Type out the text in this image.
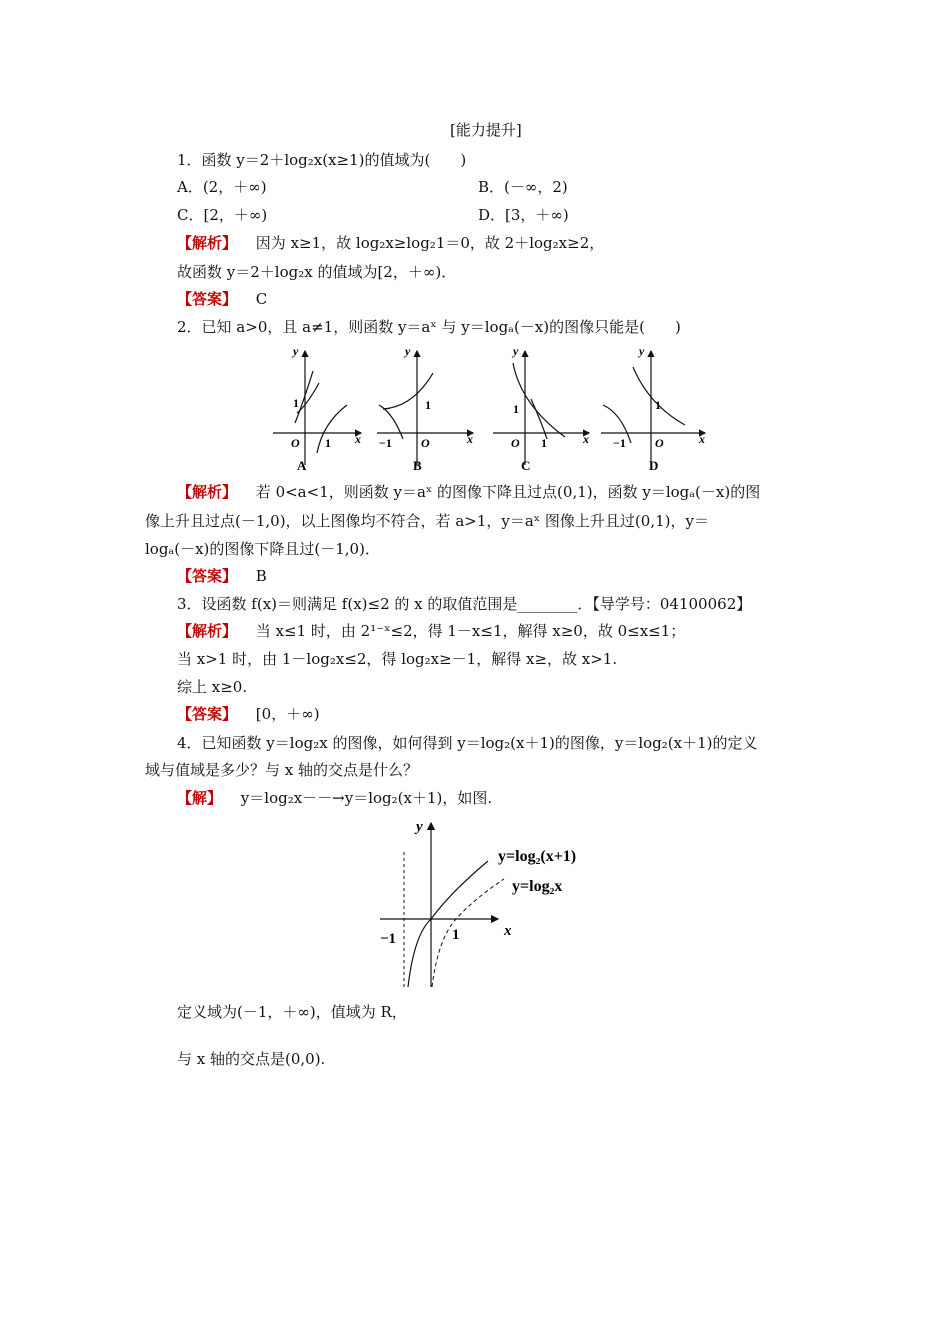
[能力提升]
1．函数 y＝2＋log₂x(x≥1)的值域为(　　)
A．(2，＋∞)	B．(－∞，2)
C．[2，＋∞)	D．[3，＋∞)
【解析】 因为 x≥1，故 log₂x≥log₂1＝0，故 2＋log₂x≥2，
故函数 y＝2＋log₂x 的值域为[2，＋∞)．
【答案】 C
2．已知 a>0，且 a≠1，则函数 y＝aˣ 与 y＝logₐ(－x)的图像只能是(　　)
y
x
O
1
1
A
y
x
O
1
−1
B
y
x
O
1
1
C
y
x
O
1
−1
D
【解析】 若 0<a<1，则函数 y＝aˣ 的图像下降且过点(0,1)，函数 y＝logₐ(－x)的图
像上升且过点(－1,0)，以上图像均不符合，若 a>1，y＝aˣ 图像上升且过(0,1)，y＝
logₐ(－x)的图像下降且过(－1,0)．
【答案】 B
3．设函数 f(x)＝则满足 f(x)≤2 的 x 的取值范围是________．【导学号：04100062】
【解析】 当 x≤1 时，由 2¹⁻ˣ≤2，得 1－x≤1，解得 x≥0，故 0≤x≤1；
当 x>1 时，由 1－log₂x≤2，得 log₂x≥－1，解得 x≥，故 x>1.
综上 x≥0.
【答案】 [0，＋∞)
4．已知函数 y＝log₂x 的图像，如何得到 y＝log₂(x＋1)的图像，y＝log₂(x＋1)的定义
域与值域是多少？与 x 轴的交点是什么？
【解】 y＝log₂x－－→y＝log₂(x＋1)，如图.
y
x
−1	1
y=log₂(x+1)
y=log₂x
定义域为(－1，＋∞)，值域为 R，
与 x 轴的交点是(0,0).
